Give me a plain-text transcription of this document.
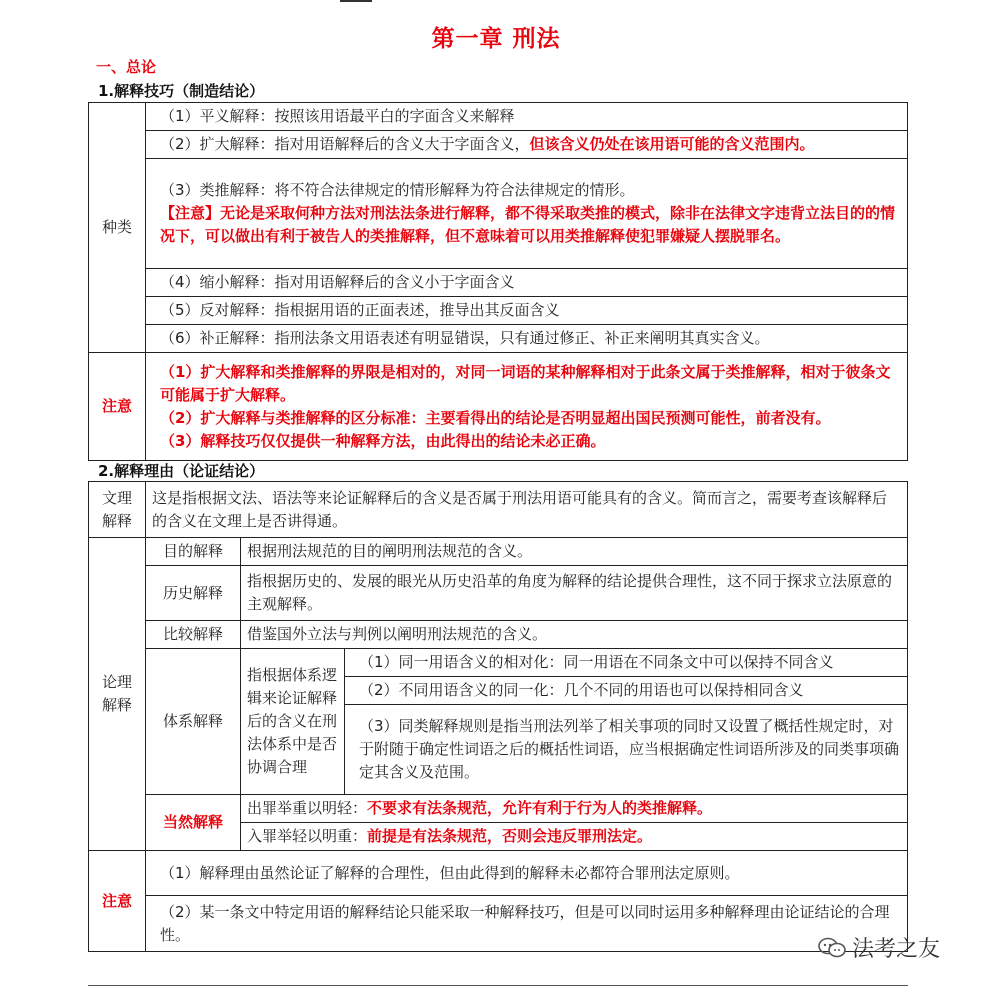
第一章 刑法
一、总论
1.解释技巧（制造结论）
种类	（1）平义解释：按照该用语最平白的字面含义来解释
	（2）扩大解释：指对用语解释后的含义大于字面含义，但该含义仍处在该用语可能的含义范围内。

	（3）类推解释：将不符合法律规定的情形解释为符合法律规定的情形。
【注意】无论是采取何种方法对刑法法条进行解释，都不得采取类推的模式，除非在法律文字违背立法目的的情况下，可以做出有利于被告人的类推解释，但不意味着可以用类推解释使犯罪嫌疑人摆脱罪名。

	（4）缩小解释：指对用语解释后的含义小于字面含义
	（5）反对解释：指根据用语的正面表述，推导出其反面含义
	（6）补正解释：指刑法条文用语表述有明显错误，只有通过修正、补正来阐明其真实含义。
注意	（1）扩大解释和类推解释的界限是相对的，对同一词语的某种解释相对于此条文属于类推解释，相对于彼条文可能属于扩大解释。
（2）扩大解释与类推解释的区分标准：主要看得出的结论是否明显超出国民预测可能性，前者没有。
（3）解释技巧仅仅提供一种解释方法，由此得出的结论未必正确。
2.解释理由（论证结论）
文理解释	这是指根据文法、语法等来论证解释后的含义是否属于刑法用语可能具有的含义。简而言之，需要考查该解释后的含义在文理上是否讲得通。		
论理解释	目的解释	根据刑法规范的目的阐明刑法规范的含义。	
	历史解释	指根据历史的、发展的眼光从历史沿革的角度为解释的结论提供合理性，这不同于探求立法原意的主观解释。	
	比较解释	借鉴国外立法与判例以阐明刑法规范的含义。	
	体系解释	指根据体系逻辑来论证解释后的含义在刑法体系中是否协调合理	（1）同一用语含义的相对化：同一用语在不同条文中可以保持不同含义
			（2）不同用语含义的同一化：几个不同的用语也可以保持相同含义
			（3）同类解释规则是指当刑法列举了相关事项的同时又设置了概括性规定时，对于附随于确定性词语之后的概括性词语，应当根据确定性词语所涉及的同类事项确定其含义及范围。
	当然解释	出罪举重以明轻：不要求有法条规范，允许有利于行为人的类推解释。	
		入罪举轻以明重：前提是有法条规范，否则会违反罪刑法定。	
注意	（1）解释理由虽然论证了解释的合理性，但由此得到的解释未必都符合罪刑法定原则。		
	（2）某一条文中特定用语的解释结论只能采取一种解释技巧，但是可以同时运用多种解释理由论证结论的合理性。		
法考之友
